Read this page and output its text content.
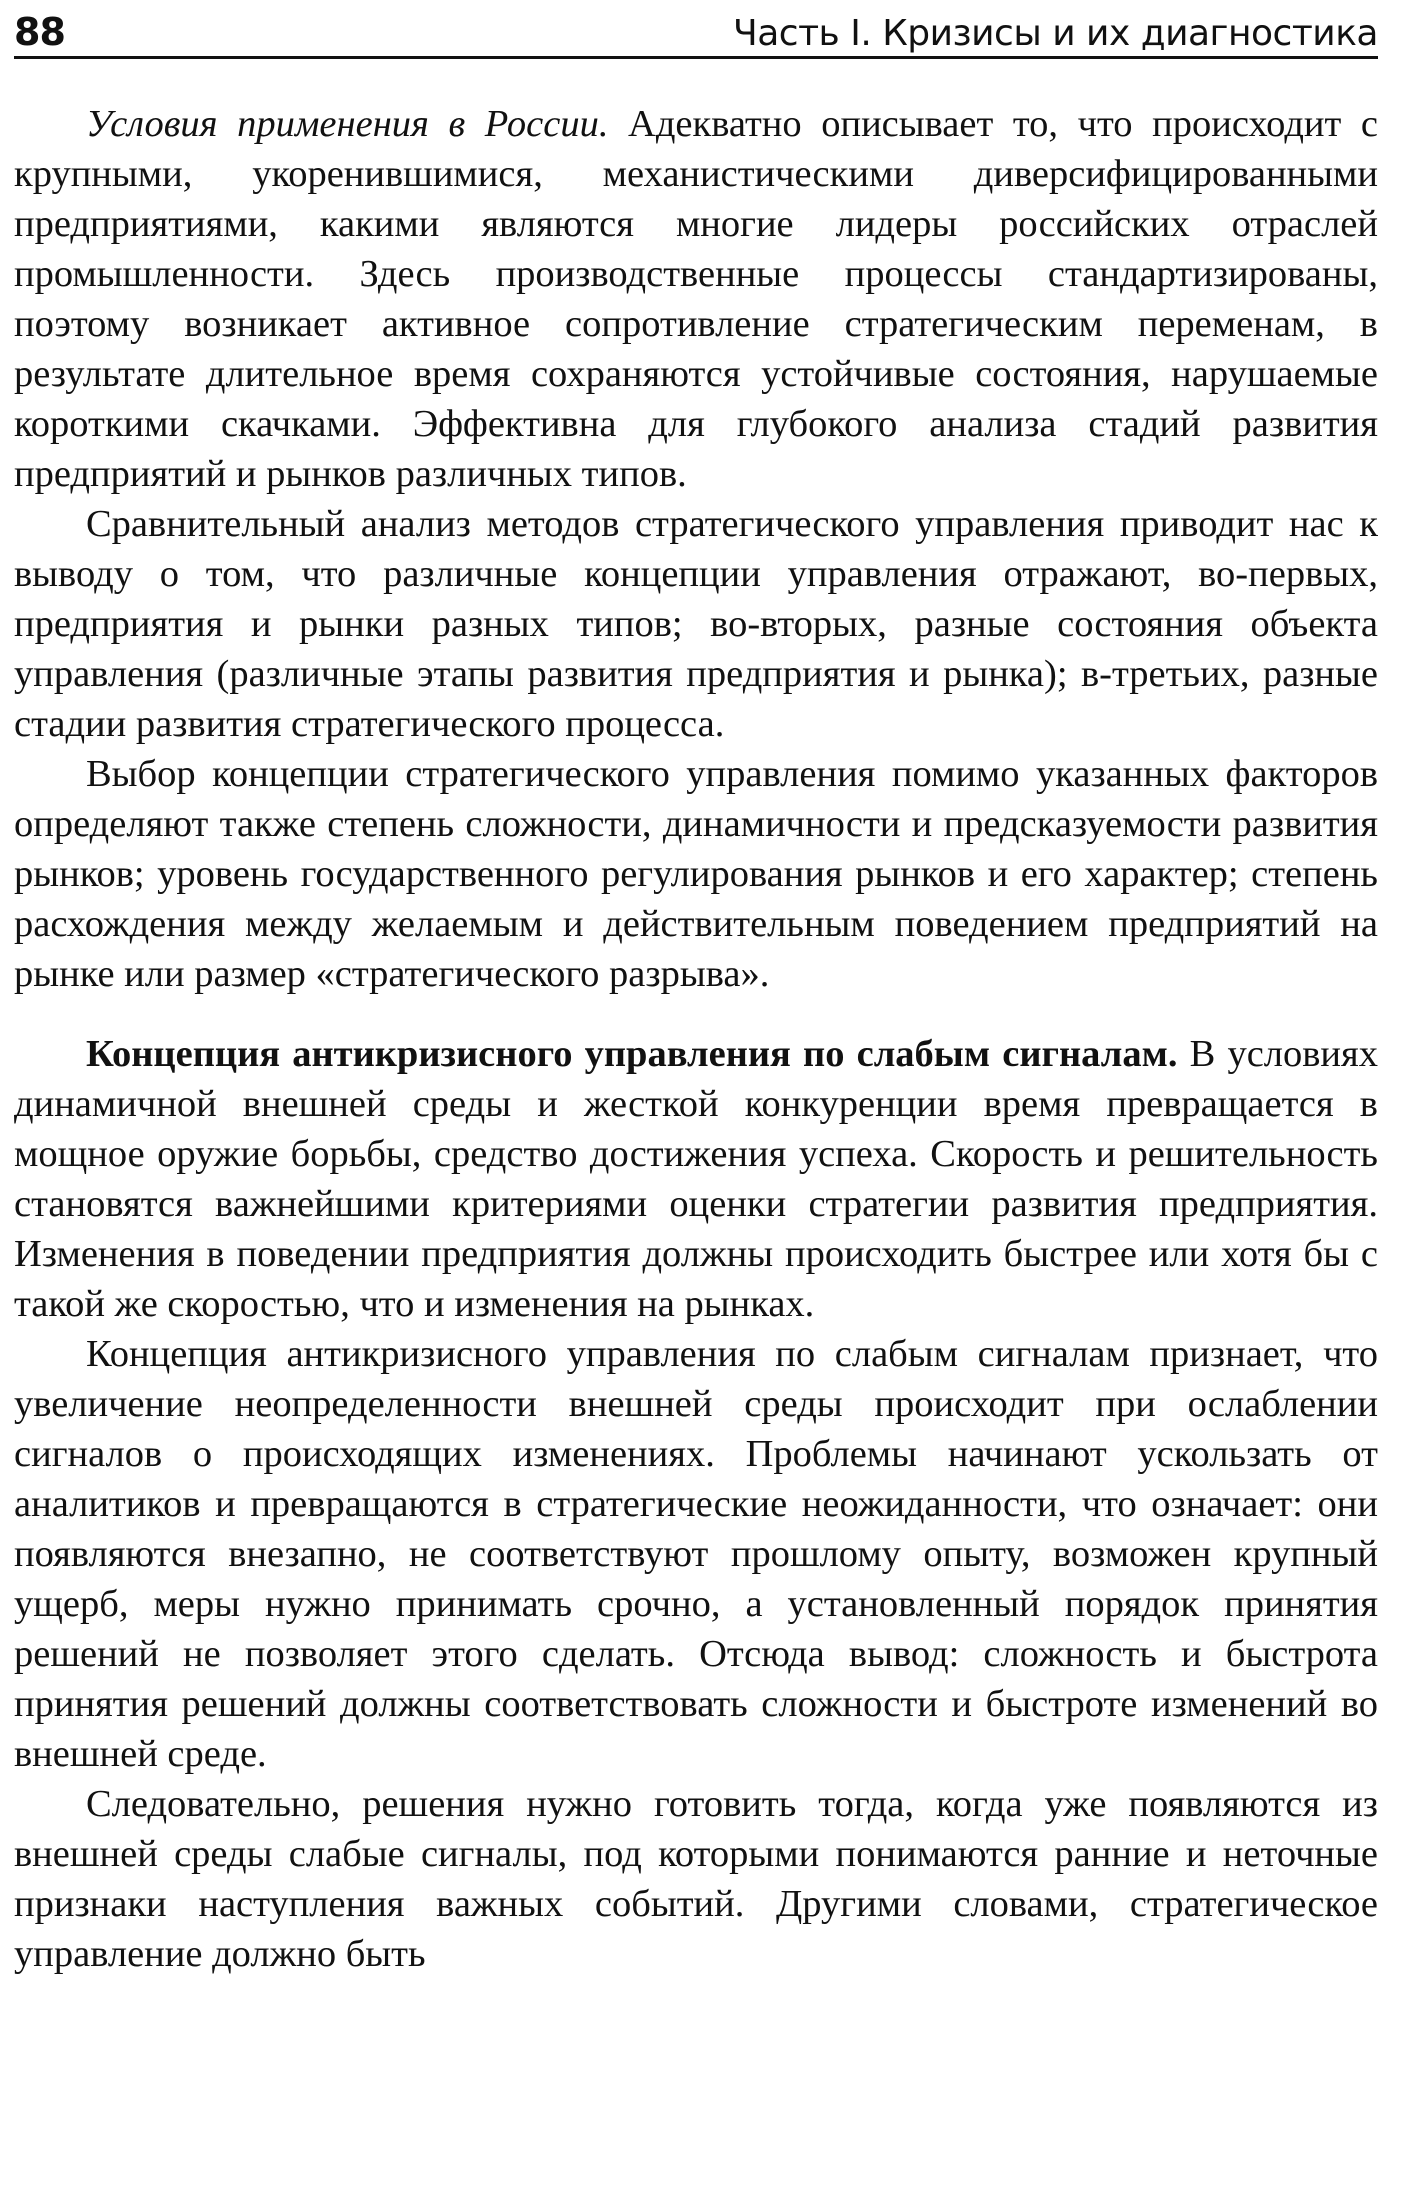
88	Часть I. Кризисы и их диагностика

Условия применения в России. Адекватно описывает то, что происходит с крупными, укоренившимися, механистическими диверсифицированными предприятиями, какими являются многие лидеры российских отраслей промышленности. Здесь производственные процессы стандартизированы, поэтому возникает активное сопротивление стратегическим переменам, в результате длительное время сохраняются устойчивые состояния, нарушаемые короткими скачками. Эффективна для глубокого анализа стадий развития предприятий и рынков различных типов.

Сравнительный анализ методов стратегического управления приводит нас к выводу о том, что различные концепции управления отражают, во-первых, предприятия и рынки разных типов; во-вторых, разные состояния объекта управления (различные этапы развития предприятия и рынка); в-третьих, разные стадии развития стратегического процесса.

Выбор концепции стратегического управления помимо указанных факторов определяют также степень сложности, динамичности и предсказуемости развития рынков; уровень государственного регулирования рынков и его характер; степень расхождения между желаемым и действительным поведением предприятий на рынке или размер «стратегического разрыва».

Концепция антикризисного управления по слабым сигналам. В условиях динамичной внешней среды и жесткой конкуренции время превращается в мощное оружие борьбы, средство достижения успеха. Скорость и решительность становятся важнейшими критериями оценки стратегии развития предприятия. Изменения в поведении предприятия должны происходить быстрее или хотя бы с такой же скоростью, что и изменения на рынках.

Концепция антикризисного управления по слабым сигналам признает, что увеличение неопределенности внешней среды происходит при ослаблении сигналов о происходящих изменениях. Проблемы начинают ускользать от аналитиков и превращаются в стратегические неожиданности, что означает: они появляются внезапно, не соответствуют прошлому опыту, возможен крупный ущерб, меры нужно принимать срочно, а установленный порядок принятия решений не позволяет этого сделать. Отсюда вывод: сложность и быстрота принятия решений должны соответствовать сложности и быстроте изменений во внешней среде.

Следовательно, решения нужно готовить тогда, когда уже появляются из внешней среды слабые сигналы, под которыми понимаются ранние и неточные признаки наступления важных событий. Другими словами, стратегическое управление должно быть
